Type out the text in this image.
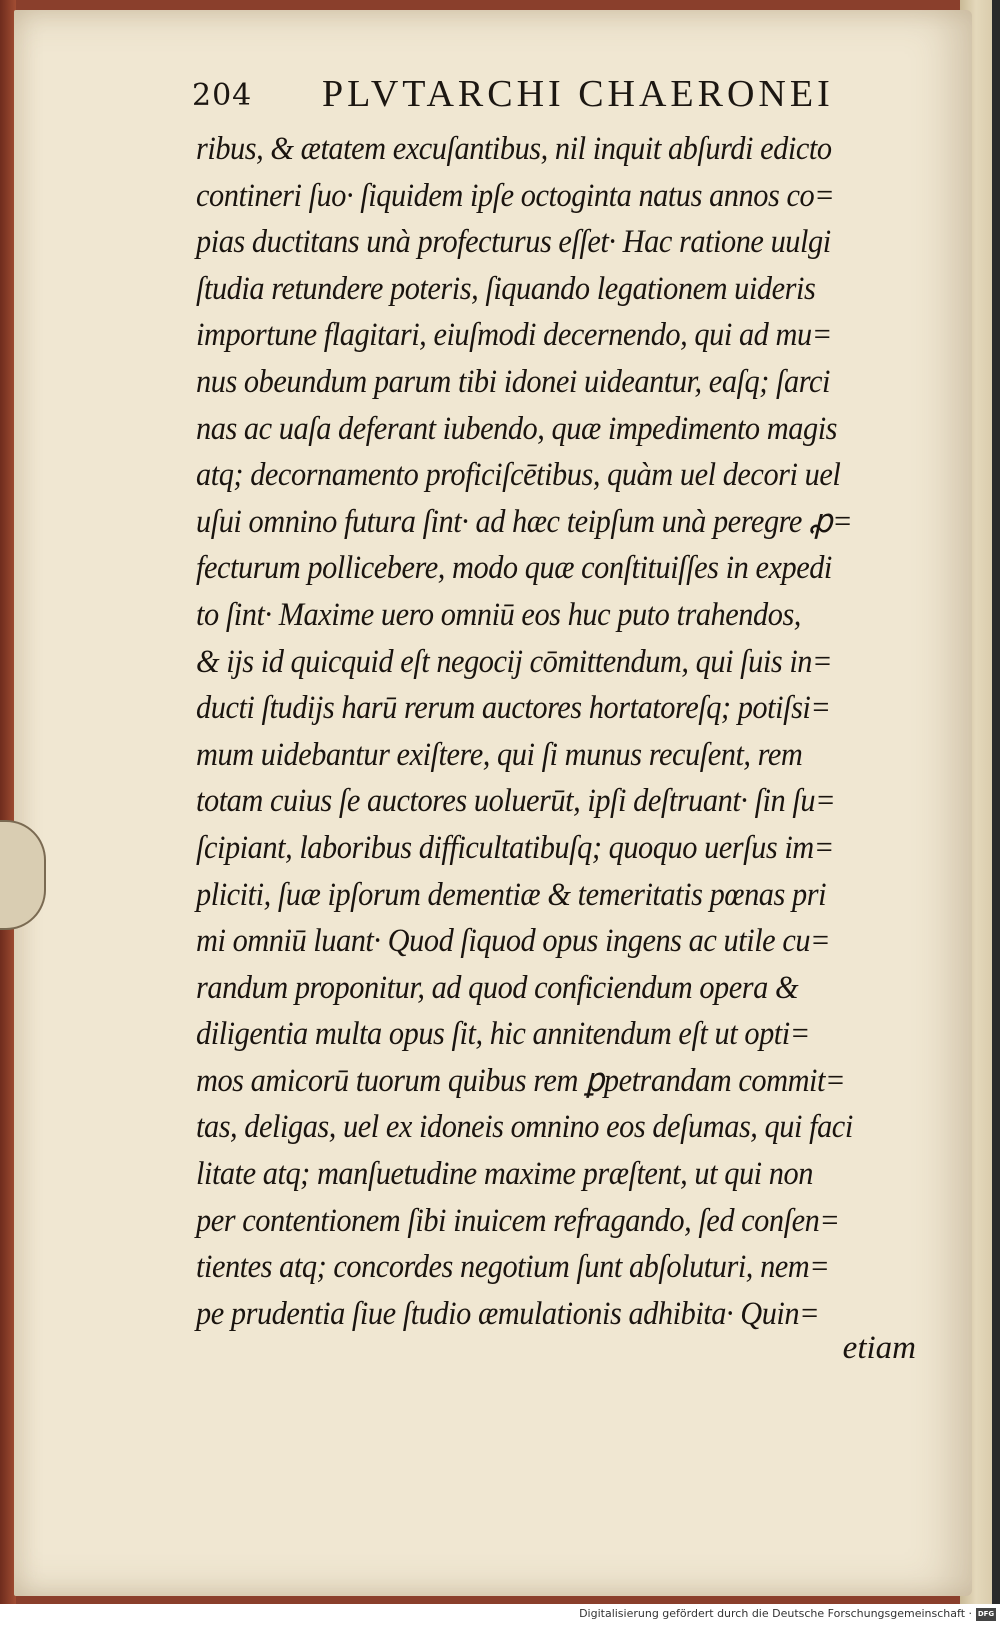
204 PLVTARCHI CHAERONEI
ribus, & ætatem excuſantibus, nil inquit abſurdi edicto
contineri ſuo· ſiquidem ipſe octoginta natus annos co=
pias ductitans unà profecturus eſſet· Hac ratione uulgi
ſtudia retundere poteris, ſiquando legationem uideris
importune flagitari, eiuſmodi decernendo, qui ad mu=
nus obeundum parum tibi idonei uideantur, eaſq; ſarci
nas ac uaſa deferant iubendo, quæ impedimento magis
atq; decornamento proficiſcētibus, quàm uel decori uel
uſui omnino futura ſint· ad hæc teipſum unà peregre ꝓ=
fecturum pollicebere, modo quæ conſtituiſſes in expedi
to ſint· Maxime uero omniū eos huc puto trahendos,
& ijs id quicquid eſt negocij cōmittendum, qui ſuis in=
ducti ſtudijs harū rerum auctores hortatoreſq; potiſsi=
mum uidebantur exiſtere, qui ſi munus recuſent, rem
totam cuius ſe auctores uoluerūt, ipſi deſtruant· ſin ſu=
ſcipiant, laboribus difficultatibuſq; quoquo uerſus im=
pliciti, ſuæ ipſorum dementiæ & temeritatis pœnas pri
mi omniū luant· Quod ſiquod opus ingens ac utile cu=
randum proponitur, ad quod conficiendum opera &
diligentia multa opus ſit, hic annitendum eſt ut opti=
mos amicorū tuorum quibus rem ꝑpetrandam commit=
tas, deligas, uel ex idoneis omnino eos deſumas, qui faci
litate atq; manſuetudine maxime præſtent, ut qui non
per contentionem ſibi inuicem refragando, ſed conſen=
tientes atq; concordes negotium ſunt abſoluturi, nem=
pe prudentia ſiue ſtudio æmulationis adhibita· Quin=
etiam
Digitalisierung gefördert durch die Deutsche Forschungsgemeinschaft · DFG
